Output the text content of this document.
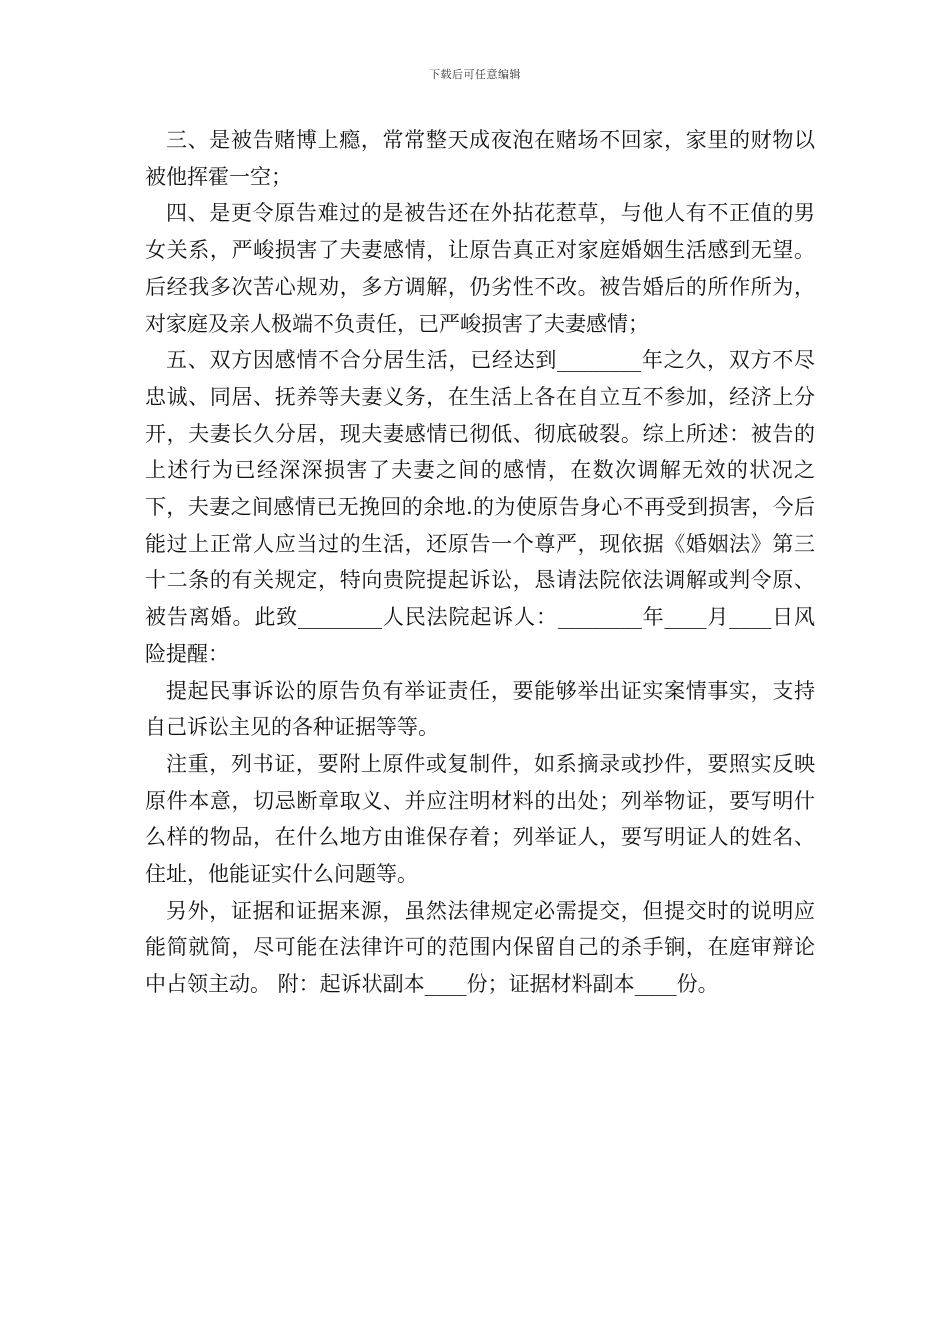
下载后可任意编辑

三、是被告赌博上瘾，常常整天成夜泡在赌场不回家，家里的财物以被他挥霍一空；

四、是更令原告难过的是被告还在外拈花惹草，与他人有不正值的男女关系，严峻损害了夫妻感情，让原告真正对家庭婚姻生活感到无望。后经我多次苦心规劝，多方调解，仍劣性不改。被告婚后的所作所为，对家庭及亲人极端不负责任，已严峻损害了夫妻感情；

五、双方因感情不合分居生活，已经达到________年之久，双方不尽忠诚、同居、抚养等夫妻义务，在生活上各在自立互不参加，经济上分开，夫妻长久分居，现夫妻感情已彻低、彻底破裂。综上所述：被告的上述行为已经深深损害了夫妻之间的感情，在数次调解无效的状况之下，夫妻之间感情已无挽回的余地.的为使原告身心不再受到损害，今后能过上正常人应当过的生活，还原告一个尊严，现依据《婚姻法》第三十二条的有关规定，特向贵院提起诉讼，恳请法院依法调解或判令原、被告离婚。此致________人民法院起诉人：________年____月____日风险提醒：

提起民事诉讼的原告负有举证责任，要能够举出证实案情事实，支持自己诉讼主见的各种证据等等。

注重，列书证，要附上原件或复制件，如系摘录或抄件，要照实反映原件本意，切忌断章取义、并应注明材料的出处；列举物证，要写明什么样的物品，在什么地方由谁保存着；列举证人，要写明证人的姓名、住址，他能证实什么问题等。

另外，证据和证据来源，虽然法律规定必需提交，但提交时的说明应能简就简，尽可能在法律许可的范围内保留自己的杀手锏，在庭审辩论中占领主动。 附：起诉状副本____份；证据材料副本____份。
